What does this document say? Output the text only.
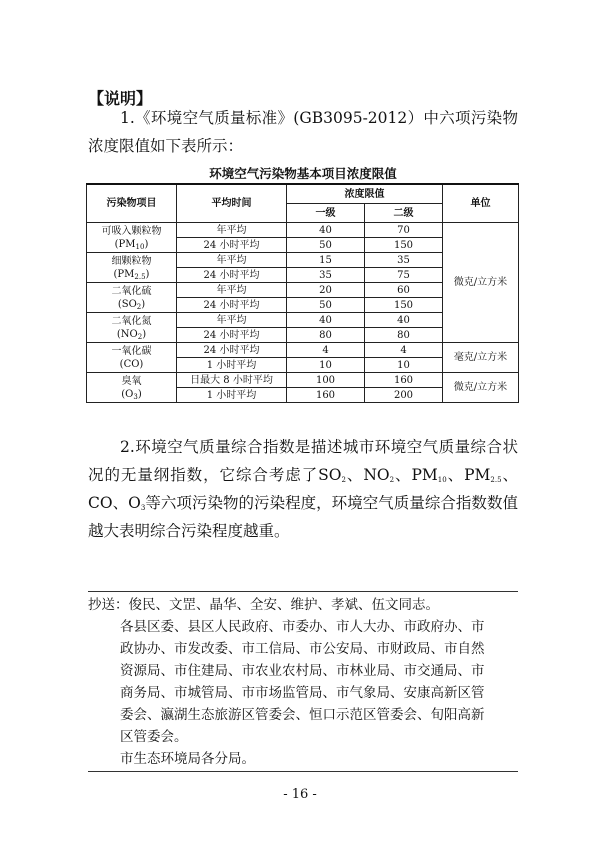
【说明】
1.《环境空气质量标准》(GB3095-2012）中六项污染物浓度限值如下表所示：
环境空气污染物基本项目浓度限值
污染物项目	平均时间	浓度限值		单位
		一级	二级	

可吸入颗粒物
$(PM_{10})$	年平均	40	70	微克/立方米
	24 小时平均	50	150	

细颗粒物
$(PM_{2.5})$	年平均	15	35	
	24 小时平均	35	75	

二氧化硫
$(SO_2)$	年平均	20	60	
	24 小时平均	50	150	

二氧化氮
$(NO_2)$	年平均	40	40	
	24 小时平均	80	80	

一氧化碳
(CO)	24 小时平均	4	4	毫克/立方米
	1 小时平均	10	10	

臭氧
$(O_3)$	日最大 8 小时平均	100	160	微克/立方米
	1 小时平均	160	200	
2.环境空气质量综合指数是描述城市环境空气质量综合状况的无量纲指数，它综合考虑了$SO_2$、$NO_2$、$PM_{10}$、$PM_{2.5}$、CO、$O_3$等六项污染物的污染程度，环境空气质量综合指数数值越大表明综合污染程度越重。
抄送：俊民、文罡、晶华、全安、维护、孝斌、伍文同志。
各县区委、县区人民政府、市委办、市人大办、市政府办、市
政协办、市发改委、市工信局、市公安局、市财政局、市自然
资源局、市住建局、市农业农村局、市林业局、市交通局、市
商务局、市城管局、市市场监管局、市气象局、安康高新区管
委会、瀛湖生态旅游区管委会、恒口示范区管委会、旬阳高新
区管委会。
市生态环境局各分局。
- 16 -
